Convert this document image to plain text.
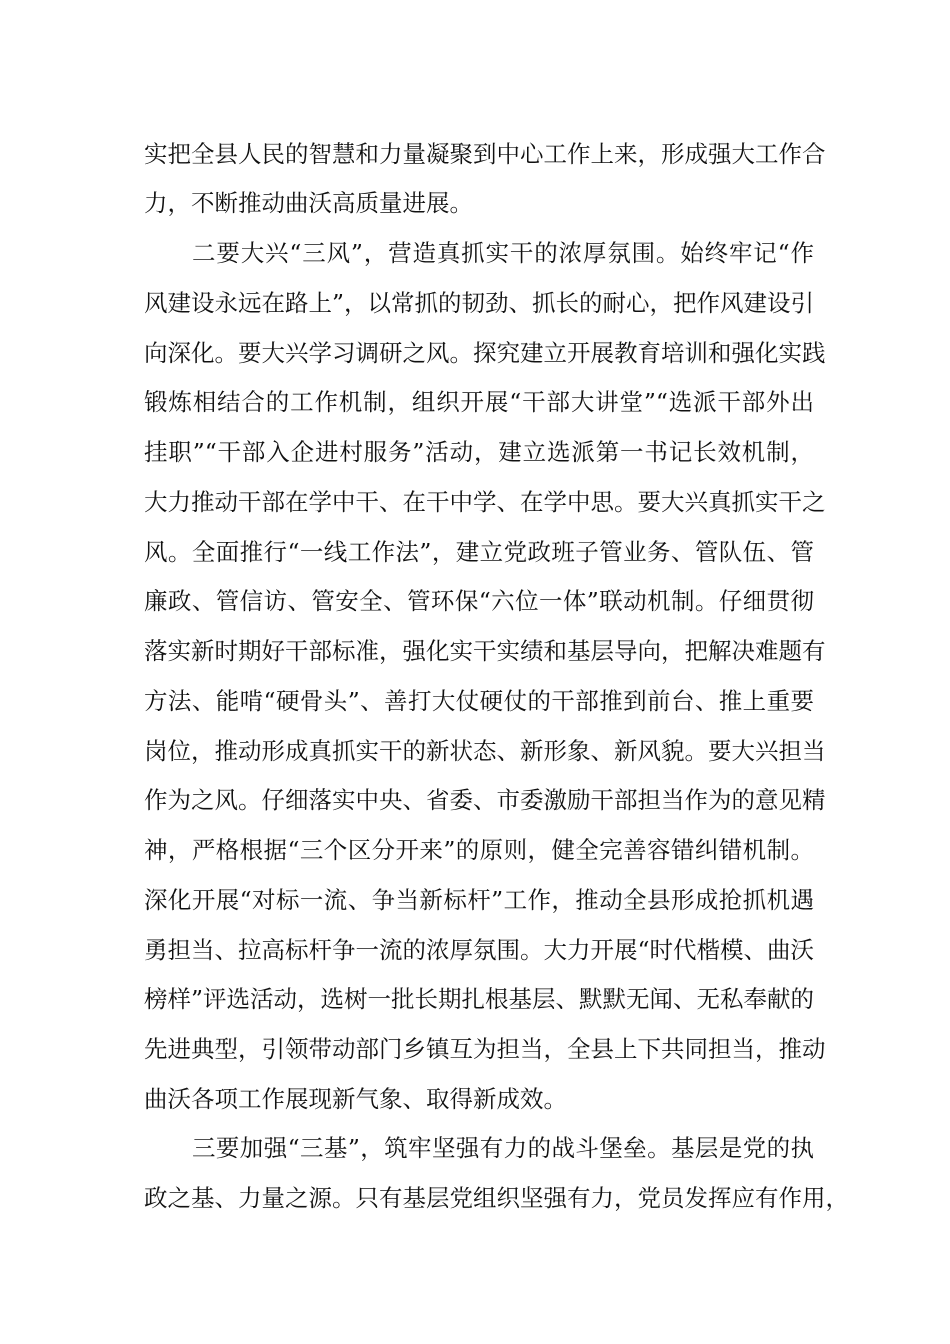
实把全县人民的智慧和力量凝聚到中心工作上来，形成强大工作合
力，不断推动曲沃高质量进展。
二要大兴“三风”，营造真抓实干的浓厚氛围。始终牢记“作
风建设永远在路上”，以常抓的韧劲、抓长的耐心，把作风建设引
向深化。要大兴学习调研之风。探究建立开展教育培训和强化实践
锻炼相结合的工作机制，组织开展“干部大讲堂”“选派干部外出
挂职”“干部入企进村服务”活动，建立选派第一书记长效机制，
大力推动干部在学中干、在干中学、在学中思。要大兴真抓实干之
风。全面推行“一线工作法”，建立党政班子管业务、管队伍、管
廉政、管信访、管安全、管环保“六位一体”联动机制。仔细贯彻
落实新时期好干部标准，强化实干实绩和基层导向，把解决难题有
方法、能啃“硬骨头”、善打大仗硬仗的干部推到前台、推上重要
岗位，推动形成真抓实干的新状态、新形象、新风貌。要大兴担当
作为之风。仔细落实中央、省委、市委激励干部担当作为的意见精
神，严格根据“三个区分开来”的原则，健全完善容错纠错机制。
深化开展“对标一流、争当新标杆”工作，推动全县形成抢抓机遇
勇担当、拉高标杆争一流的浓厚氛围。大力开展“时代楷模、曲沃
榜样”评选活动，选树一批长期扎根基层、默默无闻、无私奉献的
先进典型，引领带动部门乡镇互为担当，全县上下共同担当，推动
曲沃各项工作展现新气象、取得新成效。
三要加强“三基”，筑牢坚强有力的战斗堡垒。基层是党的执
政之基、力量之源。只有基层党组织坚强有力，党员发挥应有作用，
